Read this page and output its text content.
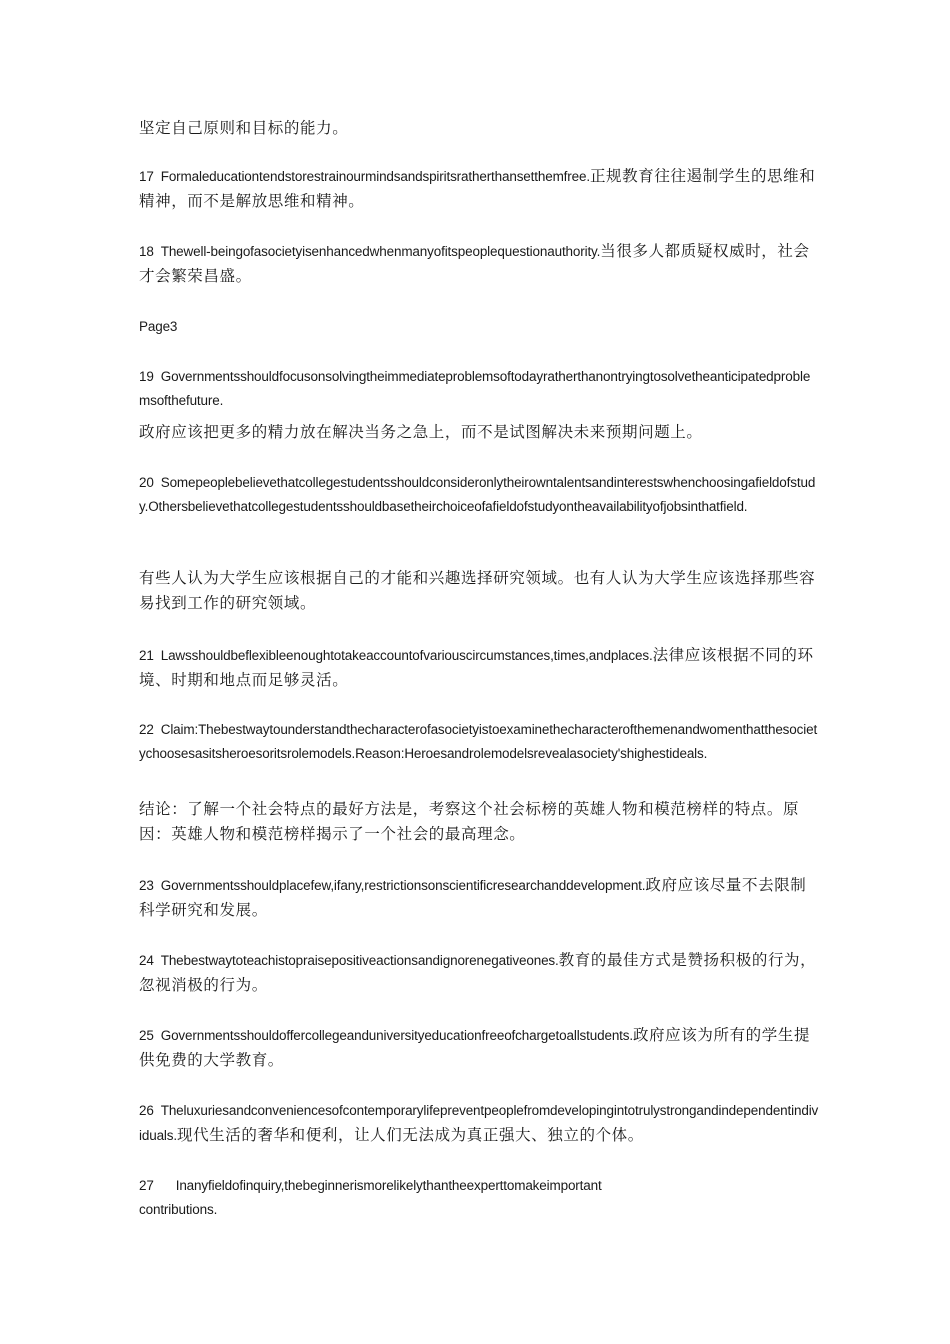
坚定自己原则和目标的能力。
17 Formaleducationtendstorestrainourmindsandspiritsratherthansetthemfree.正规教育往往遏制学生的思维和精神，而不是解放思维和精神。
18 Thewell-beingofasocietyisenhancedwhenmanyofitspeoplequestionauthority.当很多人都质疑权威时，社会才会繁荣昌盛。
Page3
19 Governmentsshouldfocusonsolvingtheimmediateproblemsoftodayratherthanontryingtosolvetheanticipatedproblemsofthefuture.
政府应该把更多的精力放在解决当务之急上，而不是试图解决未来预期问题上。
20 Somepeoplebelievethatcollegestudentsshouldconsideronlytheirowntalentsandinterestswhenchoosingafieldofstudy.Othersbelievethatcollegestudentsshouldbasetheirchoiceofafieldofstudyontheavailabilityofjobsinthatfield.
有些人认为大学生应该根据自己的才能和兴趣选择研究领域。也有人认为大学生应该选择那些容易找到工作的研究领域。
21 Lawsshouldbeflexibleenoughtotakeaccountofvariouscircumstances,times,andplaces.法律应该根据不同的环境、时期和地点而足够灵活。
22 Claim:Thebestwaytounderstandthecharacterofasocietyistoexaminethecharacterofthemenandwomenthatthesocietychoosesasitsheroesoritsrolemodels.Reason:Heroesandrolemodelsrevealasociety'shighestideals.
结论：了解一个社会特点的最好方法是，考察这个社会标榜的英雄人物和模范榜样的特点。原因：英雄人物和模范榜样揭示了一个社会的最高理念。
23 Governmentsshouldplacefew,ifany,restrictionsonscientificresearchanddevelopment.政府应该尽量不去限制科学研究和发展。
24 Thebestwaytoteachistopraisepositiveactionsandignorenegativeones.教育的最佳方式是赞扬积极的行为，忽视消极的行为。
25 Governmentsshouldoffercollegeanduniversityeducationfreeofchargetoallstudents.政府应该为所有的学生提供免费的大学教育。
26 Theluxuriesandconveniencesofcontemporarylifepreventpeoplefromdevelopingintotrulystrongandindependentindividuals.现代生活的奢华和便利，让人们无法成为真正强大、独立的个体。
27 Inanyfieldofinquiry,thebeginnerismorelikelythantheexperttomakeimportant
contributions.
